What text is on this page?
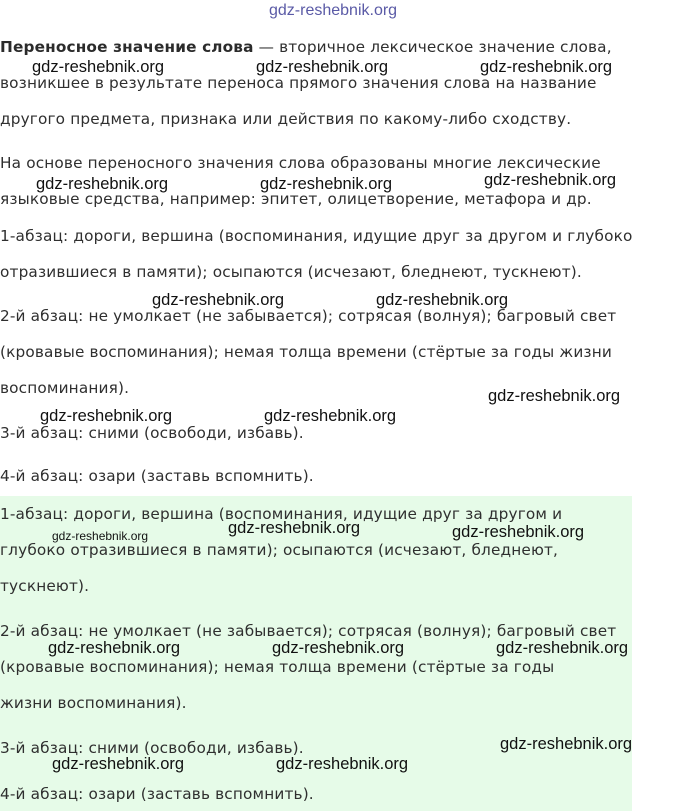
gdz-reshebnik.org
Переносное значение слова — вторичное лексическое значение слова,
возникшее в результате переноса прямого значения слова на название
другого предмета, признака или действия по какому-либо сходству.
На основе переносного значения слова образованы многие лексические
языковые средства, например: эпитет, олицетворение, метафора и др.
1-абзац: дороги, вершина (воспоминания, идущие друг за другом и глубоко
отразившиеся в памяти); осыпаются (исчезают, бледнеют, тускнеют).
2-й абзац: не умолкает (не забывается); сотрясая (волнуя); багровый свет
(кровавые воспоминания); немая толща времени (стёртые за годы жизни
воспоминания).
3-й абзац: сними (освободи, избавь).
4-й абзац: озари (заставь вспомнить).
1-абзац: дороги, вершина (воспоминания, идущие друг за другом и
глубоко отразившиеся в памяти); осыпаются (исчезают, бледнеют,
тускнеют).
2-й абзац: не умолкает (не забывается); сотрясая (волнуя); багровый свет
(кровавые воспоминания); немая толща времени (стёртые за годы
жизни воспоминания).
3-й абзац: сними (освободи, избавь).
4-й абзац: озари (заставь вспомнить).
gdz-reshebnik.org	gdz-reshebnik.org	gdz-reshebnik.org
gdz-reshebnik.org	gdz-reshebnik.org	gdz-reshebnik.org
gdz-reshebnik.org	gdz-reshebnik.org
gdz-reshebnik.org
gdz-reshebnik.org	gdz-reshebnik.org
gdz-reshebnik.org	gdz-reshebnik.org
gdz-reshebnik.org
gdz-reshebnik.org	gdz-reshebnik.org	gdz-reshebnik.org
gdz-reshebnik.org
gdz-reshebnik.org	gdz-reshebnik.org
